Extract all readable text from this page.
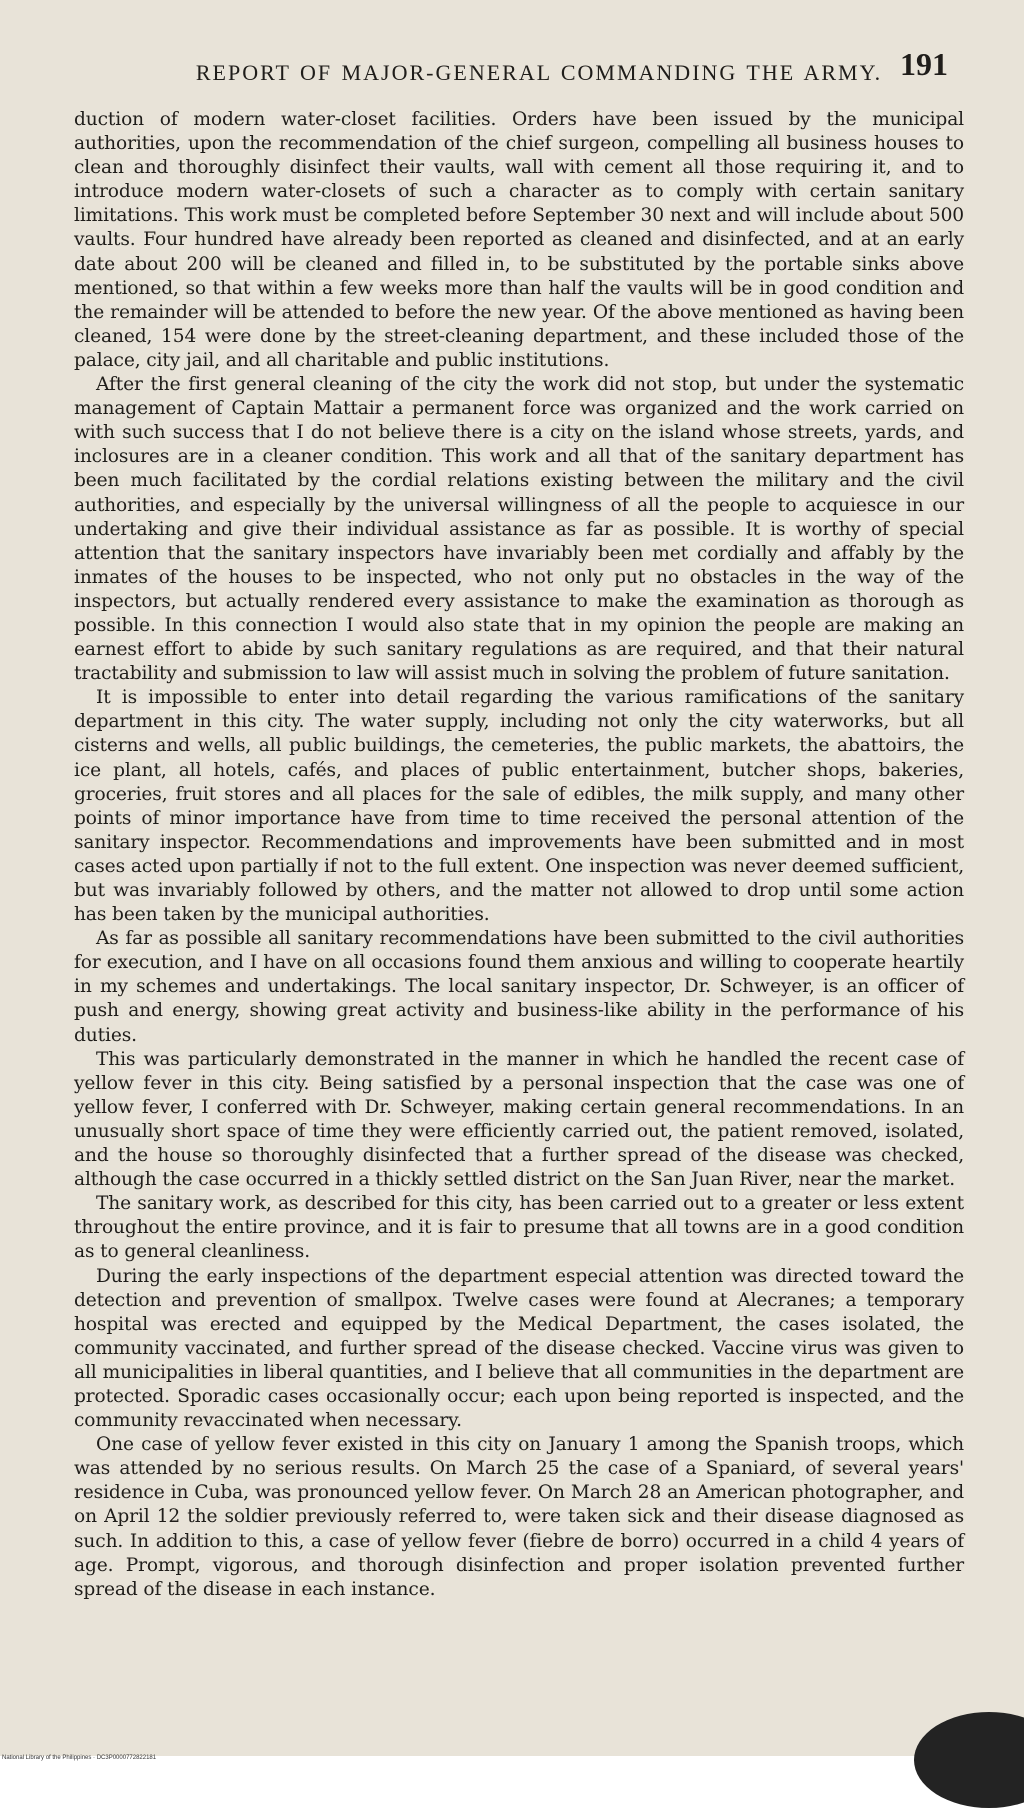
REPORT OF MAJOR-GENERAL COMMANDING THE ARMY. 191

duction of modern water-closet facilities. Orders have been issued by the municipal authorities, upon the recommendation of the chief surgeon, compelling all business houses to clean and thoroughly disinfect their vaults, wall with cement all those requiring it, and to introduce modern water-closets of such a character as to comply with certain sanitary limitations. This work must be completed before September 30 next and will include about 500 vaults. Four hundred have already been reported as cleaned and disinfected, and at an early date about 200 will be cleaned and filled in, to be substituted by the portable sinks above mentioned, so that within a few weeks more than half the vaults will be in good condition and the remainder will be attended to before the new year. Of the above mentioned as having been cleaned, 154 were done by the street-cleaning department, and these included those of the palace, city jail, and all charitable and public institutions.

After the first general cleaning of the city the work did not stop, but under the systematic management of Captain Mattair a permanent force was organized and the work carried on with such success that I do not believe there is a city on the island whose streets, yards, and inclosures are in a cleaner condition. This work and all that of the sanitary department has been much facilitated by the cordial relations existing between the military and the civil authorities, and especially by the universal willingness of all the people to acquiesce in our undertaking and give their individual assistance as far as possible. It is worthy of special attention that the sanitary inspectors have invariably been met cordially and affably by the inmates of the houses to be inspected, who not only put no obstacles in the way of the inspectors, but actually rendered every assistance to make the examination as thorough as possible. In this connection I would also state that in my opinion the people are making an earnest effort to abide by such sanitary regulations as are required, and that their natural tractability and submission to law will assist much in solving the problem of future sanitation.

It is impossible to enter into detail regarding the various ramifications of the sanitary department in this city. The water supply, including not only the city waterworks, but all cisterns and wells, all public buildings, the cemeteries, the public markets, the abattoirs, the ice plant, all hotels, cafés, and places of public entertainment, butcher shops, bakeries, groceries, fruit stores and all places for the sale of edibles, the milk supply, and many other points of minor importance have from time to time received the personal attention of the sanitary inspector. Recommendations and improvements have been submitted and in most cases acted upon partially if not to the full extent. One inspection was never deemed sufficient, but was invariably followed by others, and the matter not allowed to drop until some action has been taken by the municipal authorities.

As far as possible all sanitary recommendations have been submitted to the civil authorities for execution, and I have on all occasions found them anxious and willing to cooperate heartily in my schemes and undertakings. The local sanitary inspector, Dr. Schweyer, is an officer of push and energy, showing great activity and business-like ability in the performance of his duties.

This was particularly demonstrated in the manner in which he handled the recent case of yellow fever in this city. Being satisfied by a personal inspection that the case was one of yellow fever, I conferred with Dr. Schweyer, making certain general recommendations. In an unusually short space of time they were efficiently carried out, the patient removed, isolated, and the house so thoroughly disinfected that a further spread of the disease was checked, although the case occurred in a thickly settled district on the San Juan River, near the market.

The sanitary work, as described for this city, has been carried out to a greater or less extent throughout the entire province, and it is fair to presume that all towns are in a good condition as to general cleanliness.

During the early inspections of the department especial attention was directed toward the detection and prevention of smallpox. Twelve cases were found at Alecranes; a temporary hospital was erected and equipped by the Medical Department, the cases isolated, the community vaccinated, and further spread of the disease checked. Vaccine virus was given to all municipalities in liberal quantities, and I believe that all communities in the department are protected. Sporadic cases occasionally occur; each upon being reported is inspected, and the community revaccinated when necessary.

One case of yellow fever existed in this city on January 1 among the Spanish troops, which was attended by no serious results. On March 25 the case of a Spaniard, of several years' residence in Cuba, was pronounced yellow fever. On March 28 an American photographer, and on April 12 the soldier previously referred to, were taken sick and their disease diagnosed as such. In addition to this, a case of yellow fever (fiebre de borro) occurred in a child 4 years of age. Prompt, vigorous, and thorough disinfection and proper isolation prevented further spread of the disease in each instance.

National Library of the Philippines · DC3P0000772822181
